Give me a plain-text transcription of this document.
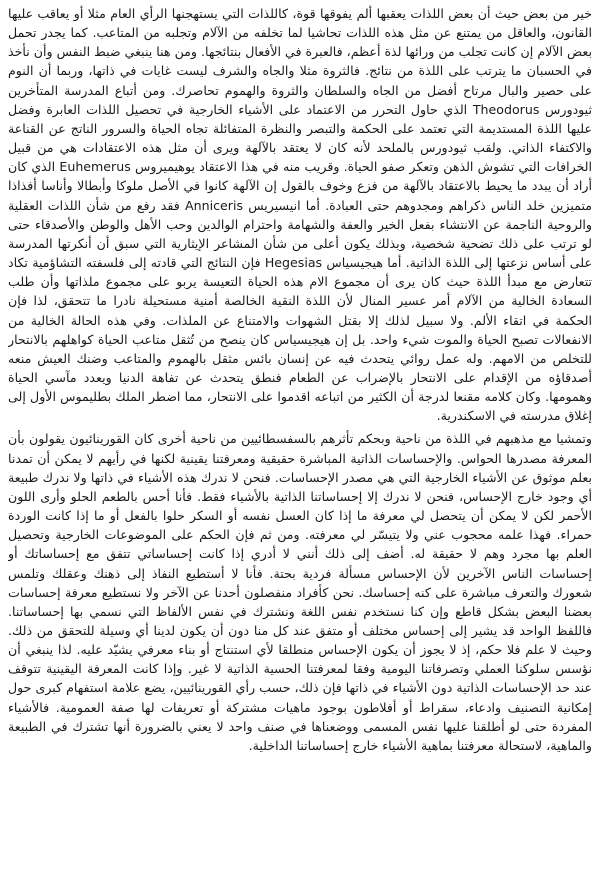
خير من بعض حيث أن بعض اللذات يعقبها ألم يفوقها قوة، كاللذات التي يستهجنها الرأي العام مثلا أو يعاقب عليها القانون، والعاقل من يمتنع عن مثل هذه اللذات تحاشيا لما تخلفه من الآلام وتجلبه من المتاعب. كما يجدر تحمل بعض الآلام إن كانت تجلب من ورائها لذة أعظم، فالعبرة في الأفعال بنتائجها. ومن هنا ينبغي ضبط النفس وأن نأخذ في الحسبان ما يترتب على اللذة من نتائج. فالثروة مثلا والجاه والشرف ليست غايات في ذاتها، وربما أن النوم على حصير والبال مرتاح أفضل من الجاه والسلطان والثروة والهموم تحاصرك. ومن أتباع المدرسة المتأخرين ثيودورس Theodorus الذي حاول التحرر من الاعتماد على الأشياء الخارجية في تحصيل اللذات العابرة وفضل عليها اللذة المستديمة التي تعتمد على الحكمة والتبصر والنظرة المتفائلة تجاه الحياة والسرور الناتج عن القناعة والاكتفاء الذاتي. ولقب ثيودورس بالملحد لأنه كان لا يعتقد بالآلهة ويرى أن مثل هذه الاعتقادات هي من قبيل الخرافات التي تشوش الذهن وتعكر صفو الحياة. وقريب منه في هذا الاعتقاد يوهيميروس Euhemerus الذي كان أراد أن يبدد ما يحيط بالاعتقاد بالآلهة من فزع وخوف بالقول إن الآلهة كانوا في الأصل ملوكا وأبطالا وأناسا أفذاذا متميزين خلد الناس ذكراهم ومجدوهم حتى العبادة. أما انيسيريس Anniceris فقد رفع من شأن اللذات العقلية والروحية الناجمة عن الانتشاء بفعل الخير والعفة والشهامة واحترام الوالدين وحب الأهل والوطن والأصدقاء حتى لو ترتب على ذلك تضحية شخصية، وبذلك يكون أعلى من شأن المشاعر الإيثارية التي سبق أن أنكرتها المدرسة على أساس نزعتها إلى اللذة الذاتية. أما هيجيسياس Hegesias فإن النتائج التي قادته إلى فلسفته التشاؤمية تكاد تتعارض مع مبدأ اللذة حيث كان يرى أن مجموع الام هذه الحياة التعيسة يربو على مجموع ملذاتها وأن طلب السعادة الخالية من الآلام أمر عسير المنال لأن اللذة النقية الخالصة أمنية مستحيلة نادرا ما تتحقق، لذا فإن الحكمة في اتقاء الألم. ولا سبيل لذلك إلا بقتل الشهوات والامتناع عن الملذات. وفي هذه الحالة الخالية من الانفعالات تصبح الحياة والموت شيء واحد. بل إن هيجيسياس كان ينصح من تُثقل متاعب الحياة كواهلهم بالانتحار للتخلص من الامهم. وله عمل روائي يتحدث فيه عن إنسان بائس مثقل بالهموم والمتاعب وضنك العيش منعه أصدقاؤه من الإقدام على الانتحار بالإضراب عن الطعام فنطق يتحدث عن تفاهة الدنيا ويعدد مآسي الحياة وهمومها. وكان كلامه مقنعا لدرجة أن الكثير من اتباعه اقدموا على الانتحار، مما اضطر الملك بطليموس الأول إلى إغلاق مدرسته في الاسكندرية.

وتمشيا مع مذهبهم في اللذة من ناحية وبحكم تأثرهم بالسفسطائيين من ناحية أخرى كان القورينائيون يقولون بأن المعرفة مصدرها الحواس. والإحساسات الذاتية المباشرة حقيقية ومعرفتنا يقينية لكنها في رأيهم لا يمكن أن تمدنا بعلم موثوق عن الأشياء الخارجية التي هي مصدر الإحساسات. فنحن لا ندرك هذه الأشياء في ذاتها ولا ندرك طبيعة أي وجود خارج الإحساس، فنحن لا ندرك إلا إحساساتنا الذاتية بالأشياء فقط. فأنا أحس بالطعم الحلو وأرى اللون الأحمر لكن لا يمكن أن يتحصل لي معرفة ما إذا كان العسل نفسه أو السكر حلوا بالفعل أو ما إذا كانت الوردة حمراء. فهذا علمه محجوب عني ولا يتيسّر لي معرفته. ومن ثم فإن الحكم على الموضوعات الخارجية وتحصيل العلم بها مجرد وهم لا حقيقة له. أضف إلى ذلك أنني لا أدري إذا كانت إحساساتي تتفق مع إحساساتك أو إحساسات الناس الآخرين لأن الإحساس مسألة فردية بحتة. فأنا لا أستطيع النفاذ إلى ذهنك وعقلك وتلمس شعورك والتعرف مباشرة على كنه إحساسك. نحن كأفراد منفصلون أحدنا عن الآخر ولا نستطيع معرفة إحساسات بعضنا البعض بشكل قاطع وإن كنا نستخدم نفس اللغة ونشترك في نفس الألفاظ التي نسمي بها إحساساتنا. فاللفظ الواحد قد يشير إلى إحساس مختلف أو متفق عند كل منا دون أن يكون لدينا أي وسيلة للتحقق من ذلك. وحيث لا علم فلا حكم، إذ لا يجوز أن يكون الإحساس منطلقا لأي استنتاج أو بناء معرفي يشيّد عليه. لذا ينبغي أن نؤسس سلوكنا العملي وتصرفاتنا اليومية وفقا لمعرفتنا الحسية الذاتية لا غير. وإذا كانت المعرفة اليقينية تتوقف عند حد الإحساسات الذاتية دون الأشياء في ذاتها فإن ذلك، حسب رأي القورينائيين، يضع علامة استفهام كبرى حول إمكانية التصنيف وادعاء، سقراط أو أفلاطون بوجود ماهيات مشتركة أو تعريفات لها صفة العمومية. فالأشياء المفردة حتى لو أطلقنا عليها نفس المسمى ووضعناها في صنف واحد لا يعني بالضرورة أنها تشترك في الطبيعة والماهية، لاستحالة معرفتنا بماهية الأشياء خارج إحساساتنا الداخلية.
